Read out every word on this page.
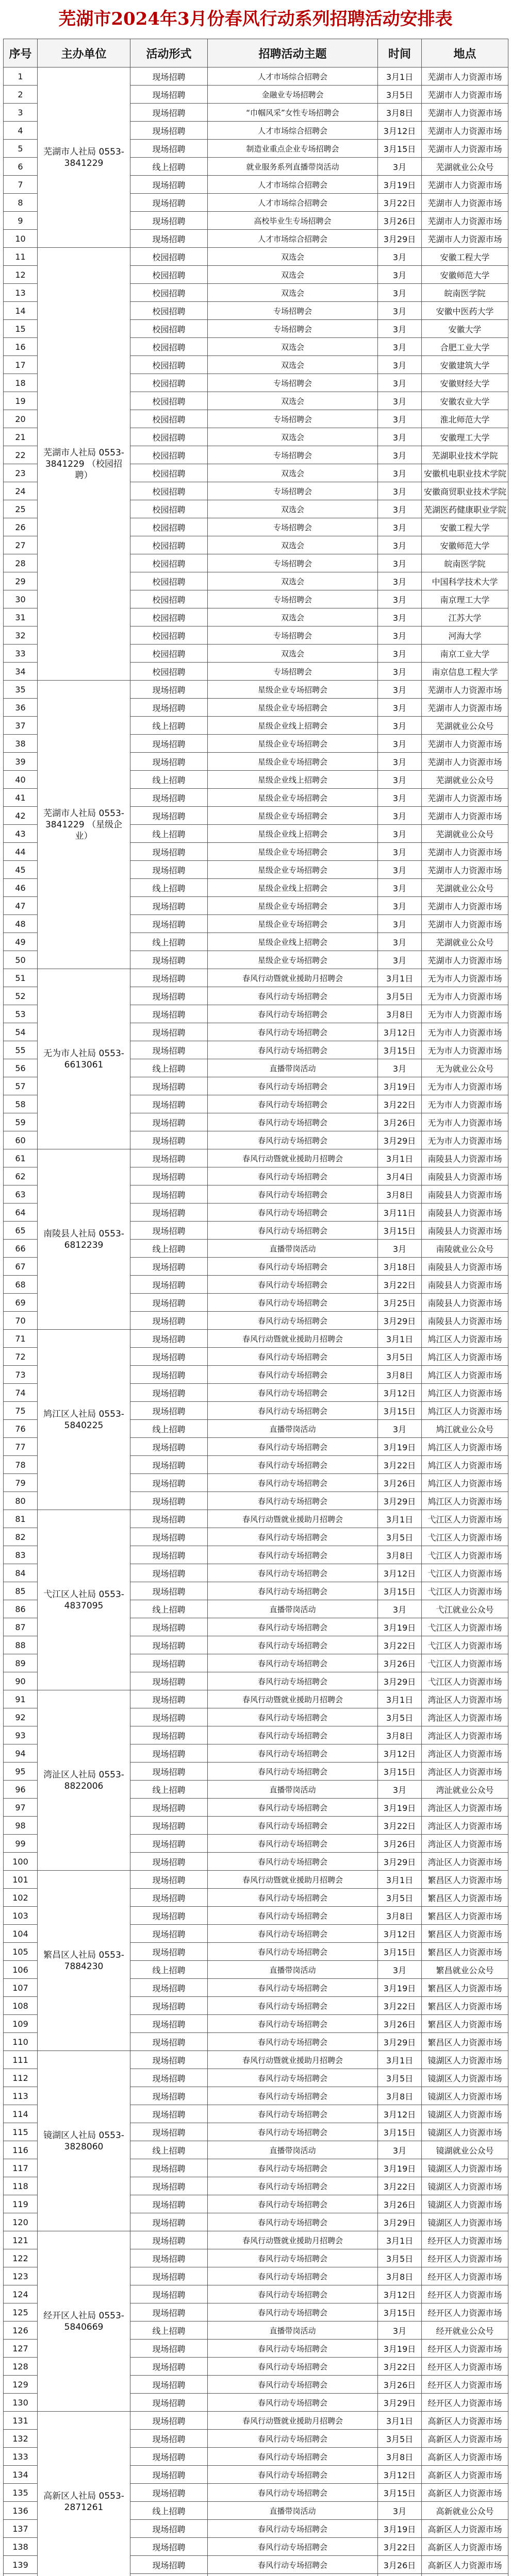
芜湖市2024年3月份春风行动系列招聘活动安排表
序号	主办单位	活动形式	招聘活动主题	时间	地点
1	芜湖市人社局 0553-3841229	现场招聘	人才市场综合招聘会	3月1日	芜湖市人力资源市场
2		现场招聘	金融业专场招聘会	3月5日	芜湖市人力资源市场
3		现场招聘	“巾帼风采”女性专场招聘会	3月8日	芜湖市人力资源市场
4		现场招聘	人才市场综合招聘会	3月12日	芜湖市人力资源市场
5		现场招聘	制造业重点企业专场招聘会	3月15日	芜湖市人力资源市场
6		线上招聘	就业服务系列直播带岗活动	3月	芜湖就业公众号
7		现场招聘	人才市场综合招聘会	3月19日	芜湖市人力资源市场
8		现场招聘	人才市场综合招聘会	3月22日	芜湖市人力资源市场
9		现场招聘	高校毕业生专场招聘会	3月26日	芜湖市人力资源市场
10		现场招聘	人才市场综合招聘会	3月29日	芜湖市人力资源市场
11	芜湖市人社局 0553-3841229 （校园招聘）	校园招聘	双选会	3月	安徽工程大学
12		校园招聘	双选会	3月	安徽师范大学
13		校园招聘	双选会	3月	皖南医学院
14		校园招聘	专场招聘会	3月	安徽中医药大学
15		校园招聘	专场招聘会	3月	安徽大学
16		校园招聘	双选会	3月	合肥工业大学
17		校园招聘	双选会	3月	安徽建筑大学
18		校园招聘	专场招聘会	3月	安徽财经大学
19		校园招聘	双选会	3月	安徽农业大学
20		校园招聘	专场招聘会	3月	淮北师范大学
21		校园招聘	双选会	3月	安徽理工大学
22		校园招聘	专场招聘会	3月	芜湖职业技术学院
23		校园招聘	双选会	3月	安徽机电职业技术学院
24		校园招聘	专场招聘会	3月	安徽商贸职业技术学院
25		校园招聘	双选会	3月	芜湖医药健康职业学院
26		校园招聘	专场招聘会	3月	安徽工程大学
27		校园招聘	双选会	3月	安徽师范大学
28		校园招聘	专场招聘会	3月	皖南医学院
29		校园招聘	双选会	3月	中国科学技术大学
30		校园招聘	专场招聘会	3月	南京理工大学
31		校园招聘	双选会	3月	江苏大学
32		校园招聘	专场招聘会	3月	河海大学
33		校园招聘	双选会	3月	南京工业大学
34		校园招聘	专场招聘会	3月	南京信息工程大学
35	芜湖市人社局 0553-3841229 （星级企业）	现场招聘	星级企业专场招聘会	3月	芜湖市人力资源市场
36		现场招聘	星级企业专场招聘会	3月	芜湖市人力资源市场
37		线上招聘	星级企业线上招聘会	3月	芜湖就业公众号
38		现场招聘	星级企业专场招聘会	3月	芜湖市人力资源市场
39		现场招聘	星级企业专场招聘会	3月	芜湖市人力资源市场
40		线上招聘	星级企业线上招聘会	3月	芜湖就业公众号
41		现场招聘	星级企业专场招聘会	3月	芜湖市人力资源市场
42		现场招聘	星级企业专场招聘会	3月	芜湖市人力资源市场
43		线上招聘	星级企业线上招聘会	3月	芜湖就业公众号
44		现场招聘	星级企业专场招聘会	3月	芜湖市人力资源市场
45		现场招聘	星级企业专场招聘会	3月	芜湖市人力资源市场
46		线上招聘	星级企业线上招聘会	3月	芜湖就业公众号
47		现场招聘	星级企业专场招聘会	3月	芜湖市人力资源市场
48		现场招聘	星级企业专场招聘会	3月	芜湖市人力资源市场
49		线上招聘	星级企业线上招聘会	3月	芜湖就业公众号
50		现场招聘	星级企业专场招聘会	3月	芜湖市人力资源市场
51	无为市人社局 0553-6613061	现场招聘	春风行动暨就业援助月招聘会	3月1日	无为市人力资源市场
52		现场招聘	春风行动专场招聘会	3月5日	无为市人力资源市场
53		现场招聘	春风行动专场招聘会	3月8日	无为市人力资源市场
54		现场招聘	春风行动专场招聘会	3月12日	无为市人力资源市场
55		现场招聘	春风行动专场招聘会	3月15日	无为市人力资源市场
56		线上招聘	直播带岗活动	3月	无为就业公众号
57		现场招聘	春风行动专场招聘会	3月19日	无为市人力资源市场
58		现场招聘	春风行动专场招聘会	3月22日	无为市人力资源市场
59		现场招聘	春风行动专场招聘会	3月26日	无为市人力资源市场
60		现场招聘	春风行动专场招聘会	3月29日	无为市人力资源市场
61	南陵县人社局 0553-6812239	现场招聘	春风行动暨就业援助月招聘会	3月1日	南陵县人力资源市场
62		现场招聘	春风行动专场招聘会	3月4日	南陵县人力资源市场
63		现场招聘	春风行动专场招聘会	3月8日	南陵县人力资源市场
64		现场招聘	春风行动专场招聘会	3月11日	南陵县人力资源市场
65		现场招聘	春风行动专场招聘会	3月15日	南陵县人力资源市场
66		线上招聘	直播带岗活动	3月	南陵就业公众号
67		现场招聘	春风行动专场招聘会	3月18日	南陵县人力资源市场
68		现场招聘	春风行动专场招聘会	3月22日	南陵县人力资源市场
69		现场招聘	春风行动专场招聘会	3月25日	南陵县人力资源市场
70		现场招聘	春风行动专场招聘会	3月29日	南陵县人力资源市场
71	鸠江区人社局 0553-5840225	现场招聘	春风行动暨就业援助月招聘会	3月1日	鸠江区人力资源市场
72		现场招聘	春风行动专场招聘会	3月5日	鸠江区人力资源市场
73		现场招聘	春风行动专场招聘会	3月8日	鸠江区人力资源市场
74		现场招聘	春风行动专场招聘会	3月12日	鸠江区人力资源市场
75		现场招聘	春风行动专场招聘会	3月15日	鸠江区人力资源市场
76		线上招聘	直播带岗活动	3月	鸠江就业公众号
77		现场招聘	春风行动专场招聘会	3月19日	鸠江区人力资源市场
78		现场招聘	春风行动专场招聘会	3月22日	鸠江区人力资源市场
79		现场招聘	春风行动专场招聘会	3月26日	鸠江区人力资源市场
80		现场招聘	春风行动专场招聘会	3月29日	鸠江区人力资源市场
81	弋江区人社局 0553-4837095	现场招聘	春风行动暨就业援助月招聘会	3月1日	弋江区人力资源市场
82		现场招聘	春风行动专场招聘会	3月5日	弋江区人力资源市场
83		现场招聘	春风行动专场招聘会	3月8日	弋江区人力资源市场
84		现场招聘	春风行动专场招聘会	3月12日	弋江区人力资源市场
85		现场招聘	春风行动专场招聘会	3月15日	弋江区人力资源市场
86		线上招聘	直播带岗活动	3月	弋江就业公众号
87		现场招聘	春风行动专场招聘会	3月19日	弋江区人力资源市场
88		现场招聘	春风行动专场招聘会	3月22日	弋江区人力资源市场
89		现场招聘	春风行动专场招聘会	3月26日	弋江区人力资源市场
90		现场招聘	春风行动专场招聘会	3月29日	弋江区人力资源市场
91	湾沚区人社局 0553-8822006	现场招聘	春风行动暨就业援助月招聘会	3月1日	湾沚区人力资源市场
92		现场招聘	春风行动专场招聘会	3月5日	湾沚区人力资源市场
93		现场招聘	春风行动专场招聘会	3月8日	湾沚区人力资源市场
94		现场招聘	春风行动专场招聘会	3月12日	湾沚区人力资源市场
95		现场招聘	春风行动专场招聘会	3月15日	湾沚区人力资源市场
96		线上招聘	直播带岗活动	3月	湾沚就业公众号
97		现场招聘	春风行动专场招聘会	3月19日	湾沚区人力资源市场
98		现场招聘	春风行动专场招聘会	3月22日	湾沚区人力资源市场
99		现场招聘	春风行动专场招聘会	3月26日	湾沚区人力资源市场
100		现场招聘	春风行动专场招聘会	3月29日	湾沚区人力资源市场
101	繁昌区人社局 0553-7884230	现场招聘	春风行动暨就业援助月招聘会	3月1日	繁昌区人力资源市场
102		现场招聘	春风行动专场招聘会	3月5日	繁昌区人力资源市场
103		现场招聘	春风行动专场招聘会	3月8日	繁昌区人力资源市场
104		现场招聘	春风行动专场招聘会	3月12日	繁昌区人力资源市场
105		现场招聘	春风行动专场招聘会	3月15日	繁昌区人力资源市场
106		线上招聘	直播带岗活动	3月	繁昌就业公众号
107		现场招聘	春风行动专场招聘会	3月19日	繁昌区人力资源市场
108		现场招聘	春风行动专场招聘会	3月22日	繁昌区人力资源市场
109		现场招聘	春风行动专场招聘会	3月26日	繁昌区人力资源市场
110		现场招聘	春风行动专场招聘会	3月29日	繁昌区人力资源市场
111	镜湖区人社局 0553-3828060	现场招聘	春风行动暨就业援助月招聘会	3月1日	镜湖区人力资源市场
112		现场招聘	春风行动专场招聘会	3月5日	镜湖区人力资源市场
113		现场招聘	春风行动专场招聘会	3月8日	镜湖区人力资源市场
114		现场招聘	春风行动专场招聘会	3月12日	镜湖区人力资源市场
115		现场招聘	春风行动专场招聘会	3月15日	镜湖区人力资源市场
116		线上招聘	直播带岗活动	3月	镜湖就业公众号
117		现场招聘	春风行动专场招聘会	3月19日	镜湖区人力资源市场
118		现场招聘	春风行动专场招聘会	3月22日	镜湖区人力资源市场
119		现场招聘	春风行动专场招聘会	3月26日	镜湖区人力资源市场
120		现场招聘	春风行动专场招聘会	3月29日	镜湖区人力资源市场
121	经开区人社局 0553-5840669	现场招聘	春风行动暨就业援助月招聘会	3月1日	经开区人力资源市场
122		现场招聘	春风行动专场招聘会	3月5日	经开区人力资源市场
123		现场招聘	春风行动专场招聘会	3月8日	经开区人力资源市场
124		现场招聘	春风行动专场招聘会	3月12日	经开区人力资源市场
125		现场招聘	春风行动专场招聘会	3月15日	经开区人力资源市场
126		线上招聘	直播带岗活动	3月	经开就业公众号
127		现场招聘	春风行动专场招聘会	3月19日	经开区人力资源市场
128		现场招聘	春风行动专场招聘会	3月22日	经开区人力资源市场
129		现场招聘	春风行动专场招聘会	3月26日	经开区人力资源市场
130		现场招聘	春风行动专场招聘会	3月29日	经开区人力资源市场
131	高新区人社局 0553-2871261	现场招聘	春风行动暨就业援助月招聘会	3月1日	高新区人力资源市场
132		现场招聘	春风行动专场招聘会	3月5日	高新区人力资源市场
133		现场招聘	春风行动专场招聘会	3月8日	高新区人力资源市场
134		现场招聘	春风行动专场招聘会	3月12日	高新区人力资源市场
135		现场招聘	春风行动专场招聘会	3月15日	高新区人力资源市场
136		线上招聘	直播带岗活动	3月	高新就业公众号
137		现场招聘	春风行动专场招聘会	3月19日	高新区人力资源市场
138		现场招聘	春风行动专场招聘会	3月22日	高新区人力资源市场
139		现场招聘	春风行动专场招聘会	3月26日	高新区人力资源市场
